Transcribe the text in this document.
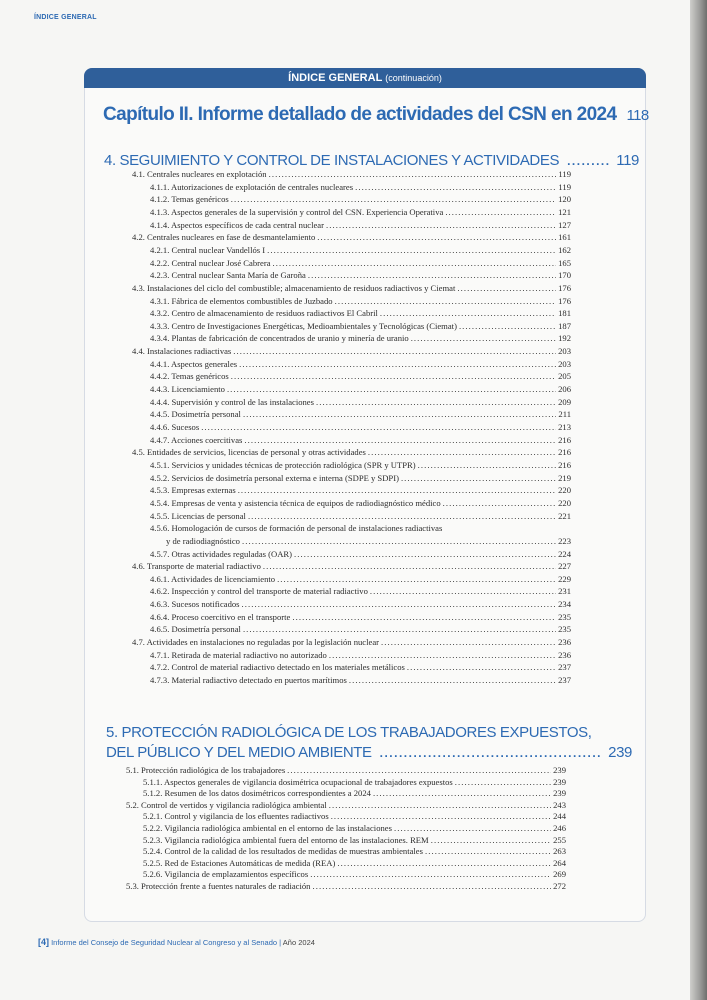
ÍNDICE GENERAL
ÍNDICE GENERAL (continuación)
Capítulo II. Informe detallado de actividades del CSN en 2024 118
4. SEGUIMIENTO Y CONTROL DE INSTALACIONES Y ACTIVIDADES .....	119
4.1. Centrales nucleares en explotación .....	119
4.1.1. Autorizaciones de explotación de centrales nucleares .....	119
4.1.2. Temas genéricos .....	120
4.1.3. Aspectos generales de la supervisión y control del CSN. Experiencia Operativa .....	121
4.1.4. Aspectos específicos de cada central nuclear .....	127
4.2. Centrales nucleares en fase de desmantelamiento .....	161
4.2.1. Central nuclear Vandellós I .....	162
4.2.2. Central nuclear José Cabrera .....	165
4.2.3. Central nuclear Santa María de Garoña .....	170
4.3. Instalaciones del ciclo del combustible; almacenamiento de residuos radiactivos y Ciemat .....	176
4.3.1. Fábrica de elementos combustibles de Juzbado .....	176
4.3.2. Centro de almacenamiento de residuos radiactivos El Cabril .....	181
4.3.3. Centro de Investigaciones Energéticas, Medioambientales y Tecnológicas (Ciemat) .....	187
4.3.4. Plantas de fabricación de concentrados de uranio y minería de uranio .....	192
4.4. Instalaciones radiactivas .....	203
4.4.1. Aspectos generales .....	203
4.4.2. Temas genéricos .....	205
4.4.3. Licenciamiento .....	206
4.4.4. Supervisión y control de las instalaciones .....	209
4.4.5. Dosimetría personal .....	211
4.4.6. Sucesos .....	213
4.4.7. Acciones coercitivas .....	216
4.5. Entidades de servicios, licencias de personal y otras actividades .....	216
4.5.1. Servicios y unidades técnicas de protección radiológica (SPR y UTPR) .....	216
4.5.2. Servicios de dosimetría personal externa e interna (SDPE y SDPI) .....	219
4.5.3. Empresas externas .....	220
4.5.4. Empresas de venta y asistencia técnica de equipos de radiodiagnóstico médico .....	220
4.5.5. Licencias de personal .....	221
4.5.6. Homologación de cursos de formación de personal de instalaciones radiactivas
y de radiodiagnóstico .....	223
4.5.7. Otras actividades reguladas (OAR) .....	224
4.6. Transporte de material radiactivo .....	227
4.6.1. Actividades de licenciamiento .....	229
4.6.2. Inspección y control del transporte de material radiactivo .....	231
4.6.3. Sucesos notificados .....	234
4.6.4. Proceso coercitivo en el transporte .....	235
4.6.5. Dosimetría personal .....	235
4.7. Actividades en instalaciones no reguladas por la legislación nuclear .....	236
4.7.1. Retirada de material radiactivo no autorizado .....	236
4.7.2. Control de material radiactivo detectado en los materiales metálicos .....	237
4.7.3. Material radiactivo detectado en puertos marítimos .....	237
5. PROTECCIÓN RADIOLÓGICA DE LOS TRABAJADORES EXPUESTOS,
DEL PÚBLICO Y DEL MEDIO AMBIENTE .....	239
5.1. Protección radiológica de los trabajadores .....	239
5.1.1. Aspectos generales de vigilancia dosimétrica ocupacional de trabajadores expuestos .....	239
5.1.2. Resumen de los datos dosimétricos correspondientes a 2024 .....	239
5.2. Control de vertidos y vigilancia radiológica ambiental .....	243
5.2.1. Control y vigilancia de los efluentes radiactivos .....	244
5.2.2. Vigilancia radiológica ambiental en el entorno de las instalaciones .....	246
5.2.3. Vigilancia radiológica ambiental fuera del entorno de las instalaciones. REM .....	255
5.2.4. Control de la calidad de los resultados de medidas de muestras ambientales .....	263
5.2.5. Red de Estaciones Automáticas de medida (REA) .....	264
5.2.6. Vigilancia de emplazamientos específicos .....	269
5.3. Protección frente a fuentes naturales de radiación .....	272
[4] Informe del Consejo de Seguridad Nuclear al Congreso y al Senado | Año 2024
